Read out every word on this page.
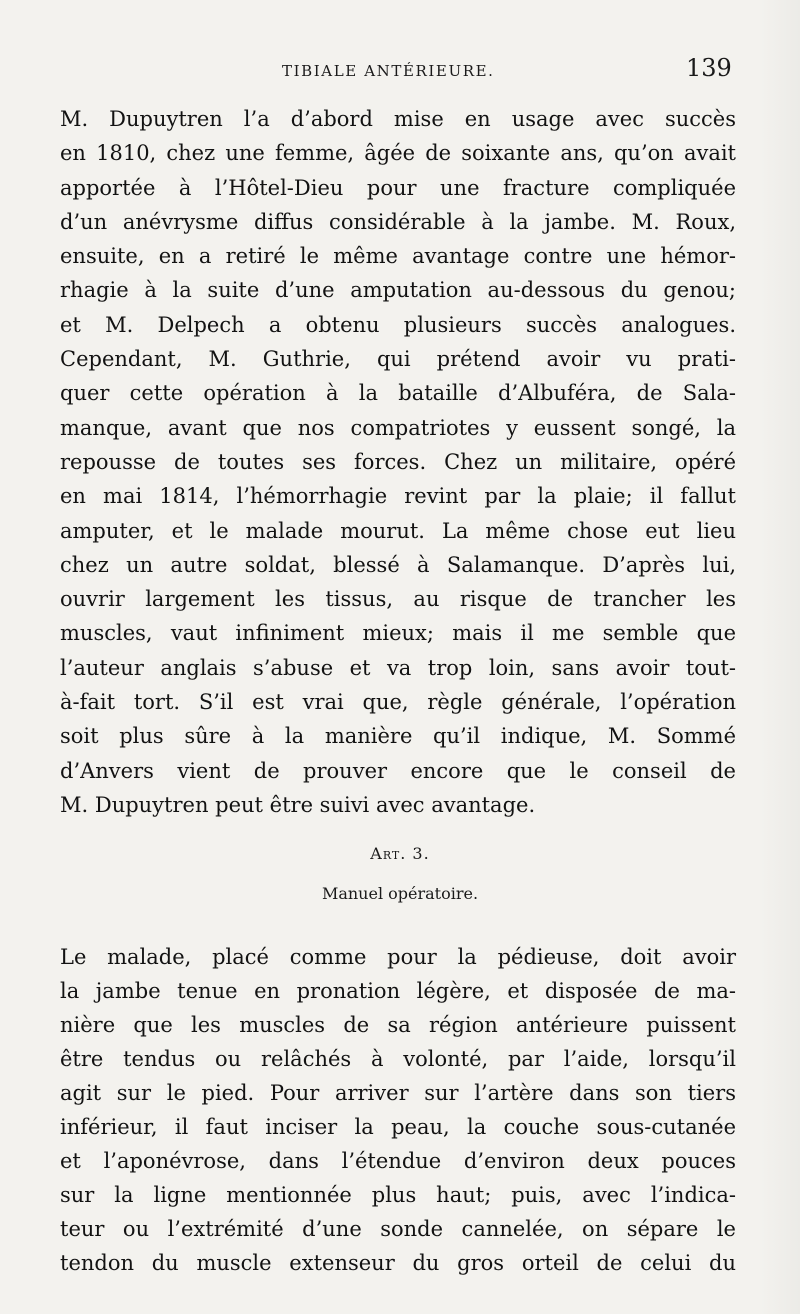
TIBIALE ANTÉRIEURE.	139
M. Dupuytren l’a d’abord mise en usage avec succès
en 1810, chez une femme, âgée de soixante ans, qu’on avait
apportée à l’Hôtel-Dieu pour une fracture compliquée
d’un anévrysme diffus considérable à la jambe. M. Roux,
ensuite, en a retiré le même avantage contre une hémor-
rhagie à la suite d’une amputation au-dessous du genou;
et M. Delpech a obtenu plusieurs succès analogues.
Cependant, M. Guthrie, qui prétend avoir vu prati-
quer cette opération à la bataille d’Albuféra, de Sala-
manque, avant que nos compatriotes y eussent songé, la
repousse de toutes ses forces. Chez un militaire, opéré
en mai 1814, l’hémorrhagie revint par la plaie; il fallut
amputer, et le malade mourut. La même chose eut lieu
chez un autre soldat, blessé à Salamanque. D’après lui,
ouvrir largement les tissus, au risque de trancher les
muscles, vaut infiniment mieux; mais il me semble que
l’auteur anglais s’abuse et va trop loin, sans avoir tout-
à-fait tort. S’il est vrai que, règle générale, l’opération
soit plus sûre à la manière qu’il indique, M. Sommé
d’Anvers vient de prouver encore que le conseil de
M. Dupuytren peut être suivi avec avantage.
Art. 3.
Manuel opératoire.
Le malade, placé comme pour la pédieuse, doit avoir
la jambe tenue en pronation légère, et disposée de ma-
nière que les muscles de sa région antérieure puissent
être tendus ou relâchés à volonté, par l’aide, lorsqu’il
agit sur le pied. Pour arriver sur l’artère dans son tiers
inférieur, il faut inciser la peau, la couche sous-cutanée
et l’aponévrose, dans l’étendue d’environ deux pouces
sur la ligne mentionnée plus haut; puis, avec l’indica-
teur ou l’extrémité d’une sonde cannelée, on sépare le
tendon du muscle extenseur du gros orteil de celui du
